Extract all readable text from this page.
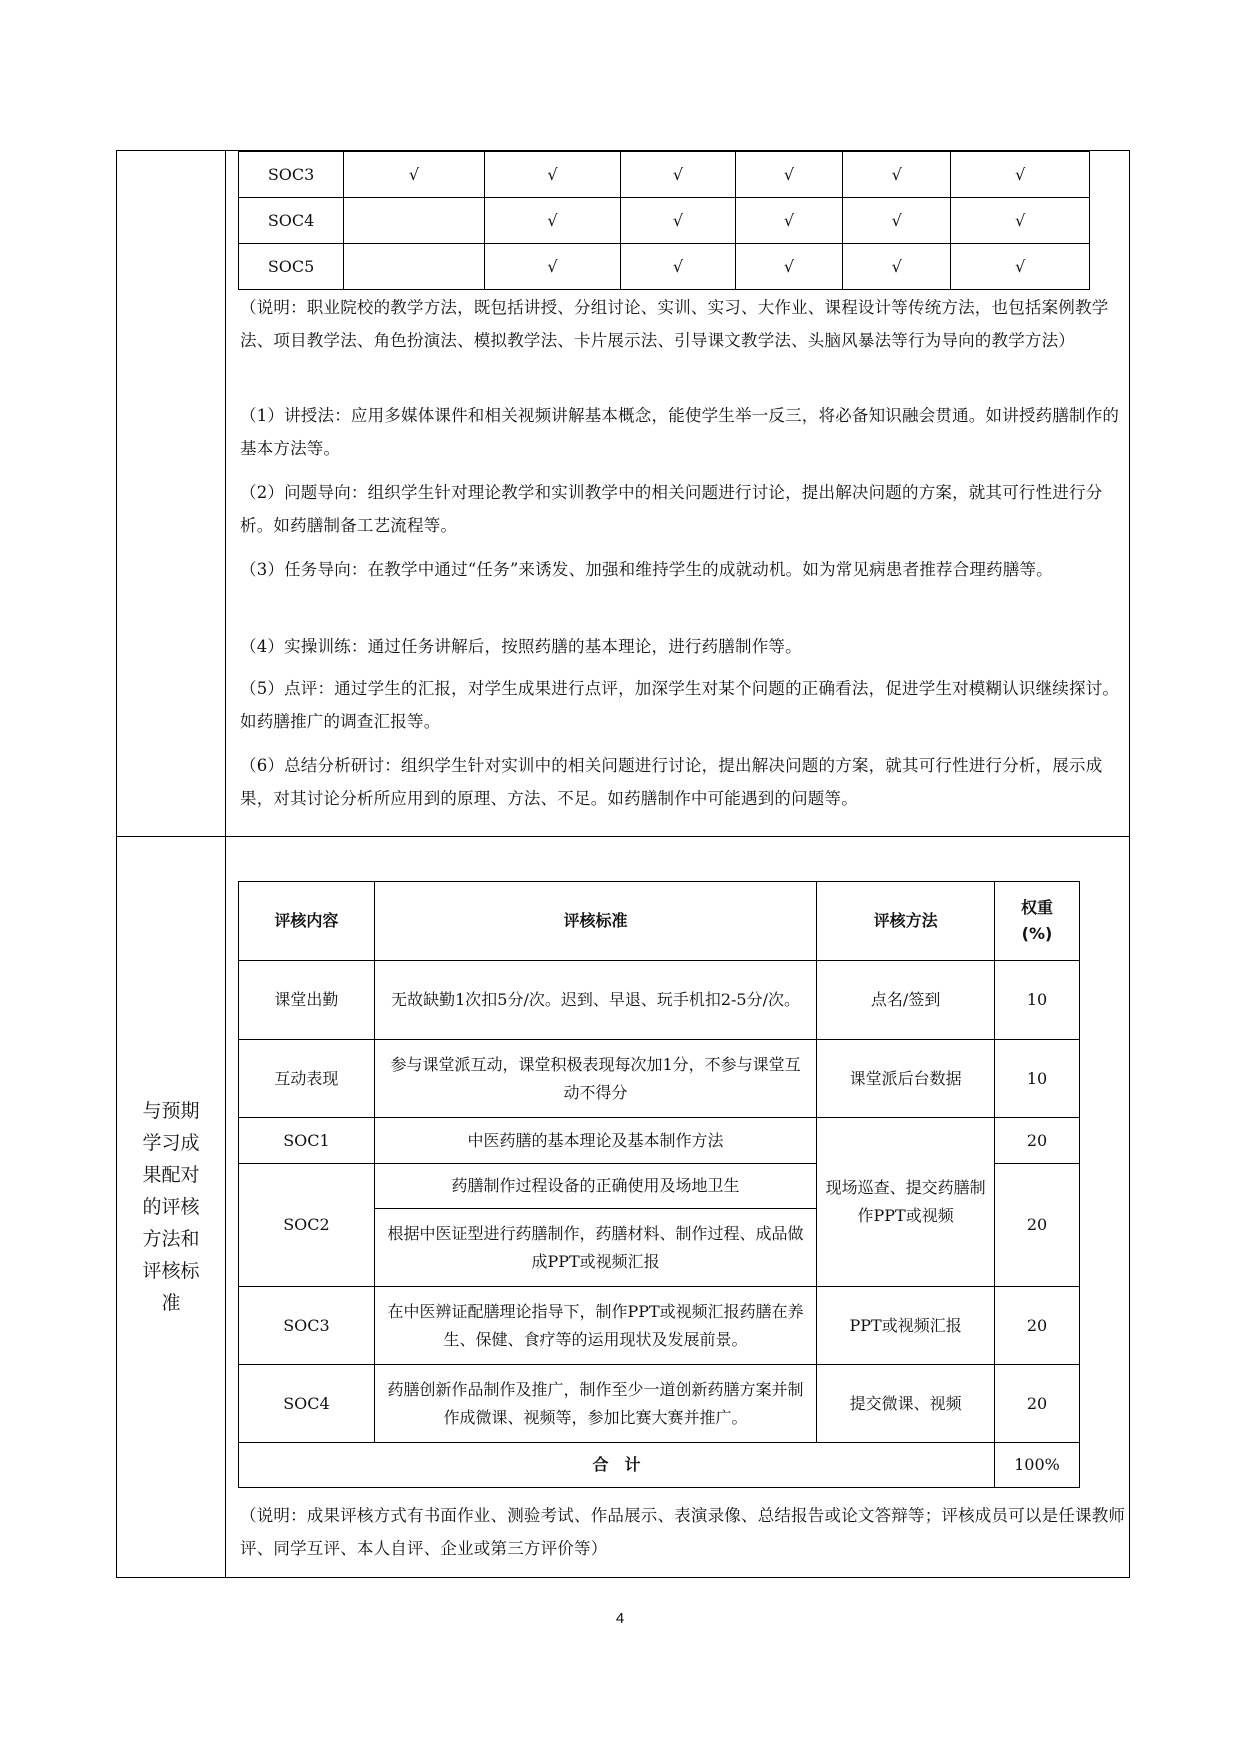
SOC3	√	√	√	√	√	√
SOC4		√	√	√	√	√
SOC5		√	√	√	√	√
（说明：职业院校的教学方法，既包括讲授、分组讨论、实训、实习、大作业、课程设计等传统方法，也包括案例教学法、项目教学法、角色扮演法、模拟教学法、卡片展示法、引导课文教学法、头脑风暴法等行为导向的教学方法）
（1）讲授法：应用多媒体课件和相关视频讲解基本概念，能使学生举一反三，将必备知识融会贯通。如讲授药膳制作的基本方法等。
（2）问题导向：组织学生针对理论教学和实训教学中的相关问题进行讨论，提出解决问题的方案，就其可行性进行分析。如药膳制备工艺流程等。
（3）任务导向：在教学中通过“任务”来诱发、加强和维持学生的成就动机。如为常见病患者推荐合理药膳等。
（4）实操训练：通过任务讲解后，按照药膳的基本理论，进行药膳制作等。
（5）点评：通过学生的汇报，对学生成果进行点评，加深学生对某个问题的正确看法，促进学生对模糊认识继续探讨。如药膳推广的调查汇报等。
（6）总结分析研讨：组织学生针对实训中的相关问题进行讨论，提出解决问题的方案，就其可行性进行分析，展示成果，对其讨论分析所应用到的原理、方法、不足。如药膳制作中可能遇到的问题等。
与预期学习成果配对的评核方法和评核标准
评核内容	评核标准	评核方法	权重(%)
课堂出勤	无故缺勤1次扣5分/次。迟到、早退、玩手机扣2-5分/次。	点名/签到	10
互动表现	参与课堂派互动，课堂积极表现每次加1分，不参与课堂互动不得分	课堂派后台数据	10
SOC1	中医药膳的基本理论及基本制作方法	现场巡查、提交药膳制作PPT或视频	20
SOC2	药膳制作过程设备的正确使用及场地卫生		20
	根据中医证型进行药膳制作，药膳材料、制作过程、成品做成PPT或视频汇报		
SOC3	在中医辨证配膳理论指导下，制作PPT或视频汇报药膳在养生、保健、食疗等的运用现状及发展前景。	PPT或视频汇报	20
SOC4	药膳创新作品制作及推广，制作至少一道创新药膳方案并制作成微课、视频等，参加比赛大赛并推广。	提交微课、视频	20
合　计			100%
（说明：成果评核方式有书面作业、测验考试、作品展示、表演录像、总结报告或论文答辩等；评核成员可以是任课教师评、同学互评、本人自评、企业或第三方评价等）
4
